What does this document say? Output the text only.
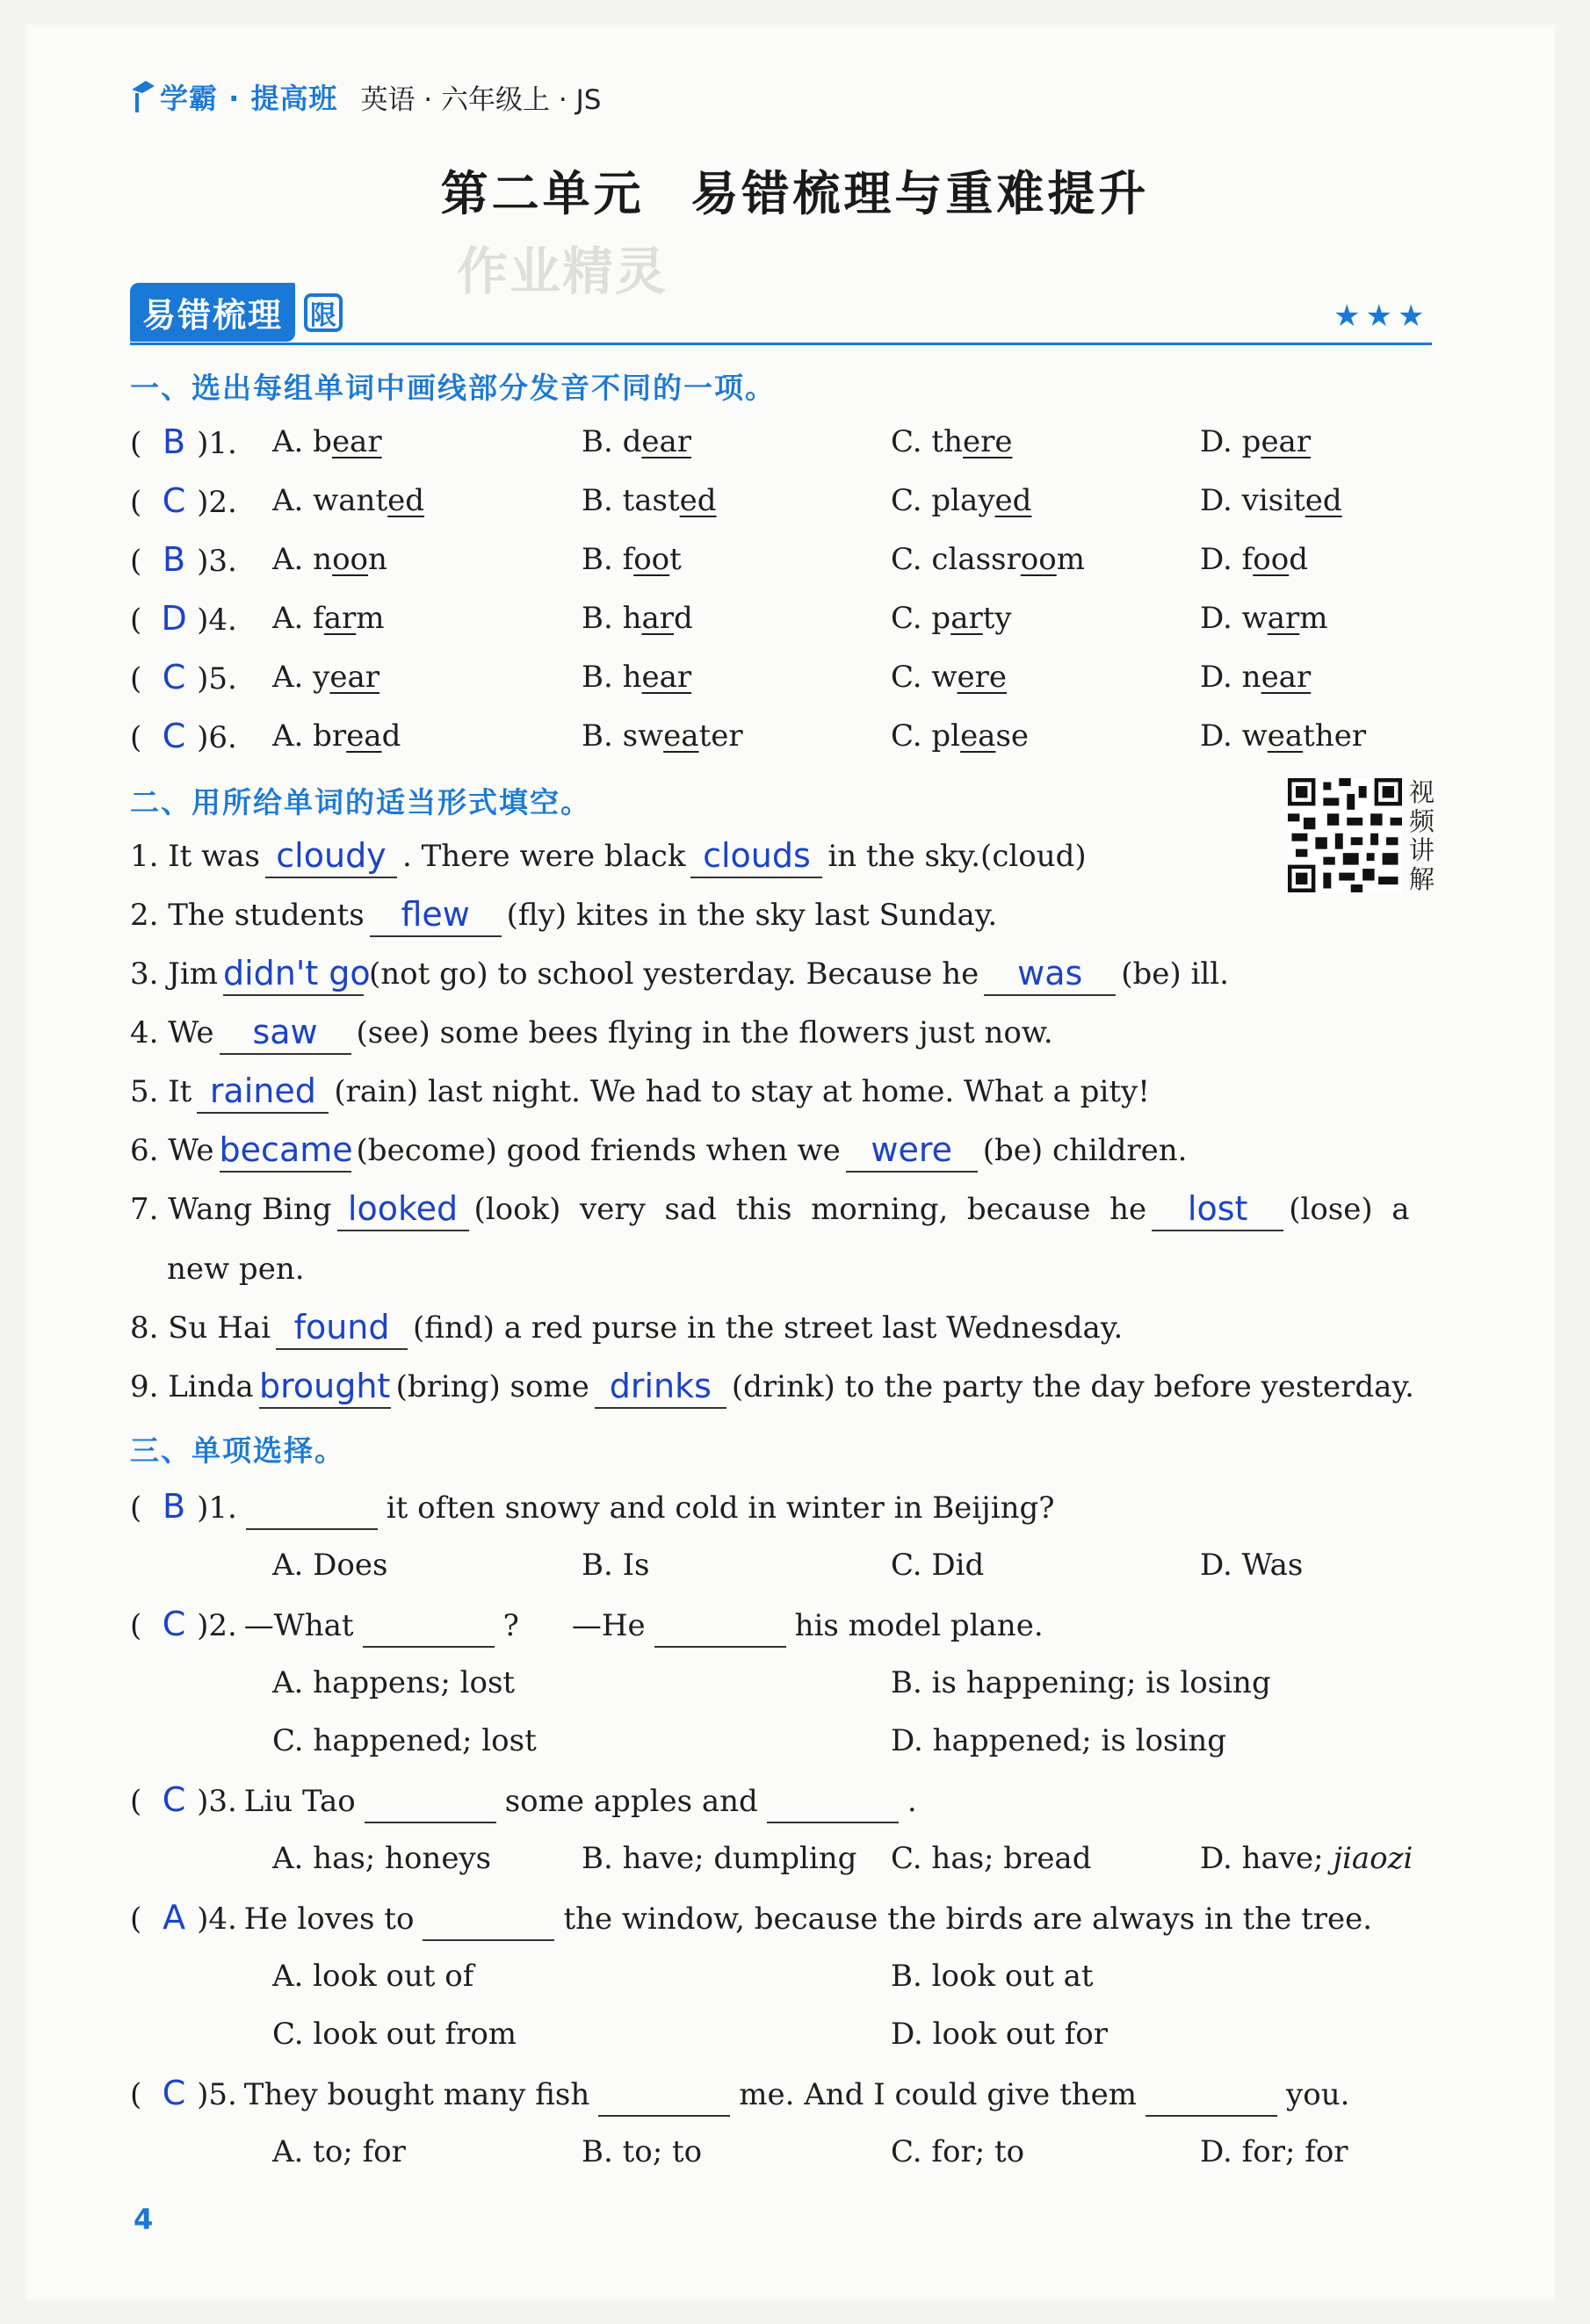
学霸 · 提高班 英语 · 六年级上 · JS
第二单元 易错梳理与重难提升
作业精灵
易错梳理	限	★★★
一、选出每组单词中画线部分发音不同的一项。
( B )1. A. bear	B. dear	C. there	D. pear
( C )2. A. wanted	B. tasted	C. played	D. visited
( B )3. A. noon	B. foot	C. classroom	D. food
( D )4. A. farm	B. hard	C. party	D. warm
( C )5. A. year	B. hear	C. were	D. near
( C )6. A. bread	B. sweater	C. please	D. weather
视频讲解
二、用所给单词的适当形式填空。
1. It was cloudy . There were black clouds in the sky.(cloud)
2. The students flew (fly) kites in the sky last Sunday.
3. Jim didn't go(not go) to school yesterday. Because he was (be) ill.
4. We saw (see) some bees flying in the flowers just now.
5. It rained (rain) last night. We had to stay at home. What a pity!
6. We became (become) good friends when we were (be) children.
7. Wang Bing looked (look)  very  sad  this  morning,  because  he lost (lose)  a
new pen.
8. Su Hai found (find) a red purse in the street last Wednesday.
9. Linda brought (bring) some drinks (drink) to the party the day before yesterday.
三、单项选择。
( B )1.	it often snowy and cold in winter in Beijing?
A. Does	B. Is	C. Did	D. Was
( C )2. —What	? —He	his model plane.
A. happens; lost	B. is happening; is losing
C. happened; lost	D. happened; is losing
( C )3. Liu Tao	some apples and	.
A. has; honeys	B. have; dumpling C. has; bread	D. have; jiaozi
( A )4. He loves to	the window, because the birds are always in the tree.
A. look out of	B. look out at
C. look out from	D. look out for
( C )5. They bought many fish	me. And I could give them	you.
A. to; for	B. to; to	C. for; to	D. for; for
4
